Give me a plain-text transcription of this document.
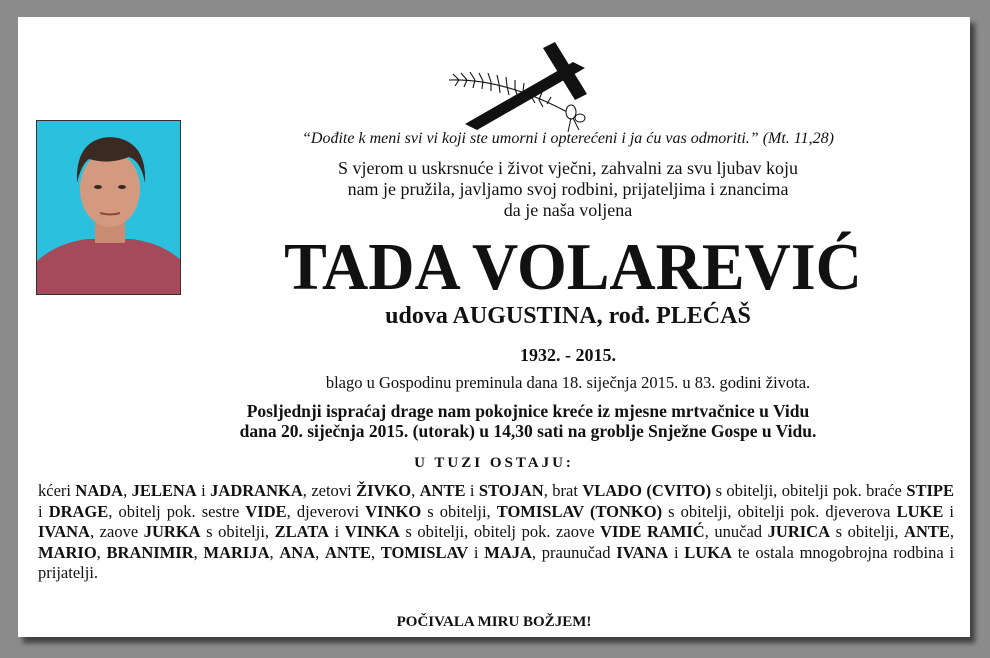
“Dođite k meni svi vi koji ste umorni i opterećeni i ja ću vas odmoriti.” (Mt. 11,28)
S vjerom u uskrsnuće i život vječni, zahvalni za svu ljubav koju
nam je pružila, javljamo svoj rodbini, prijateljima i znancima
da je naša voljena
TADA VOLAREVIĆ
udova AUGUSTINA, rođ. PLEĆAŠ
1932. - 2015.
blago u Gospodinu preminula dana 18. siječnja 2015. u 83. godini života.
Posljednji ispraćaj drage nam pokojnice kreće iz mjesne mrtvačnice u Vidu
dana 20. siječnja 2015. (utorak) u 14,30 sati na groblje Snježne Gospe u Vidu.
U TUZI OSTAJU:
kćeri NADA, JELENA i JADRANKA, zetovi ŽIVKO, ANTE i STOJAN, brat VLADO (CVITO) s obitelji, obitelji pok. braće STIPE i DRAGE, obitelj pok. sestre VIDE, djeverovi VINKO s obitelji, TOMISLAV (TONKO) s obitelji, obitelji pok. djeverova LUKE i IVANA, zaove JURKA s obitelji, ZLATA i VINKA s obitelji, obitelj pok. zaove VIDE RAMIĆ, unučad JURICA s obitelji, ANTE, MARIO, BRANIMIR, MARIJA, ANA, ANTE, TOMISLAV i MAJA, praunučad IVANA i LUKA te ostala mnogobrojna rodbina i prijatelji.
POČIVALA MIRU BOŽJEM!
